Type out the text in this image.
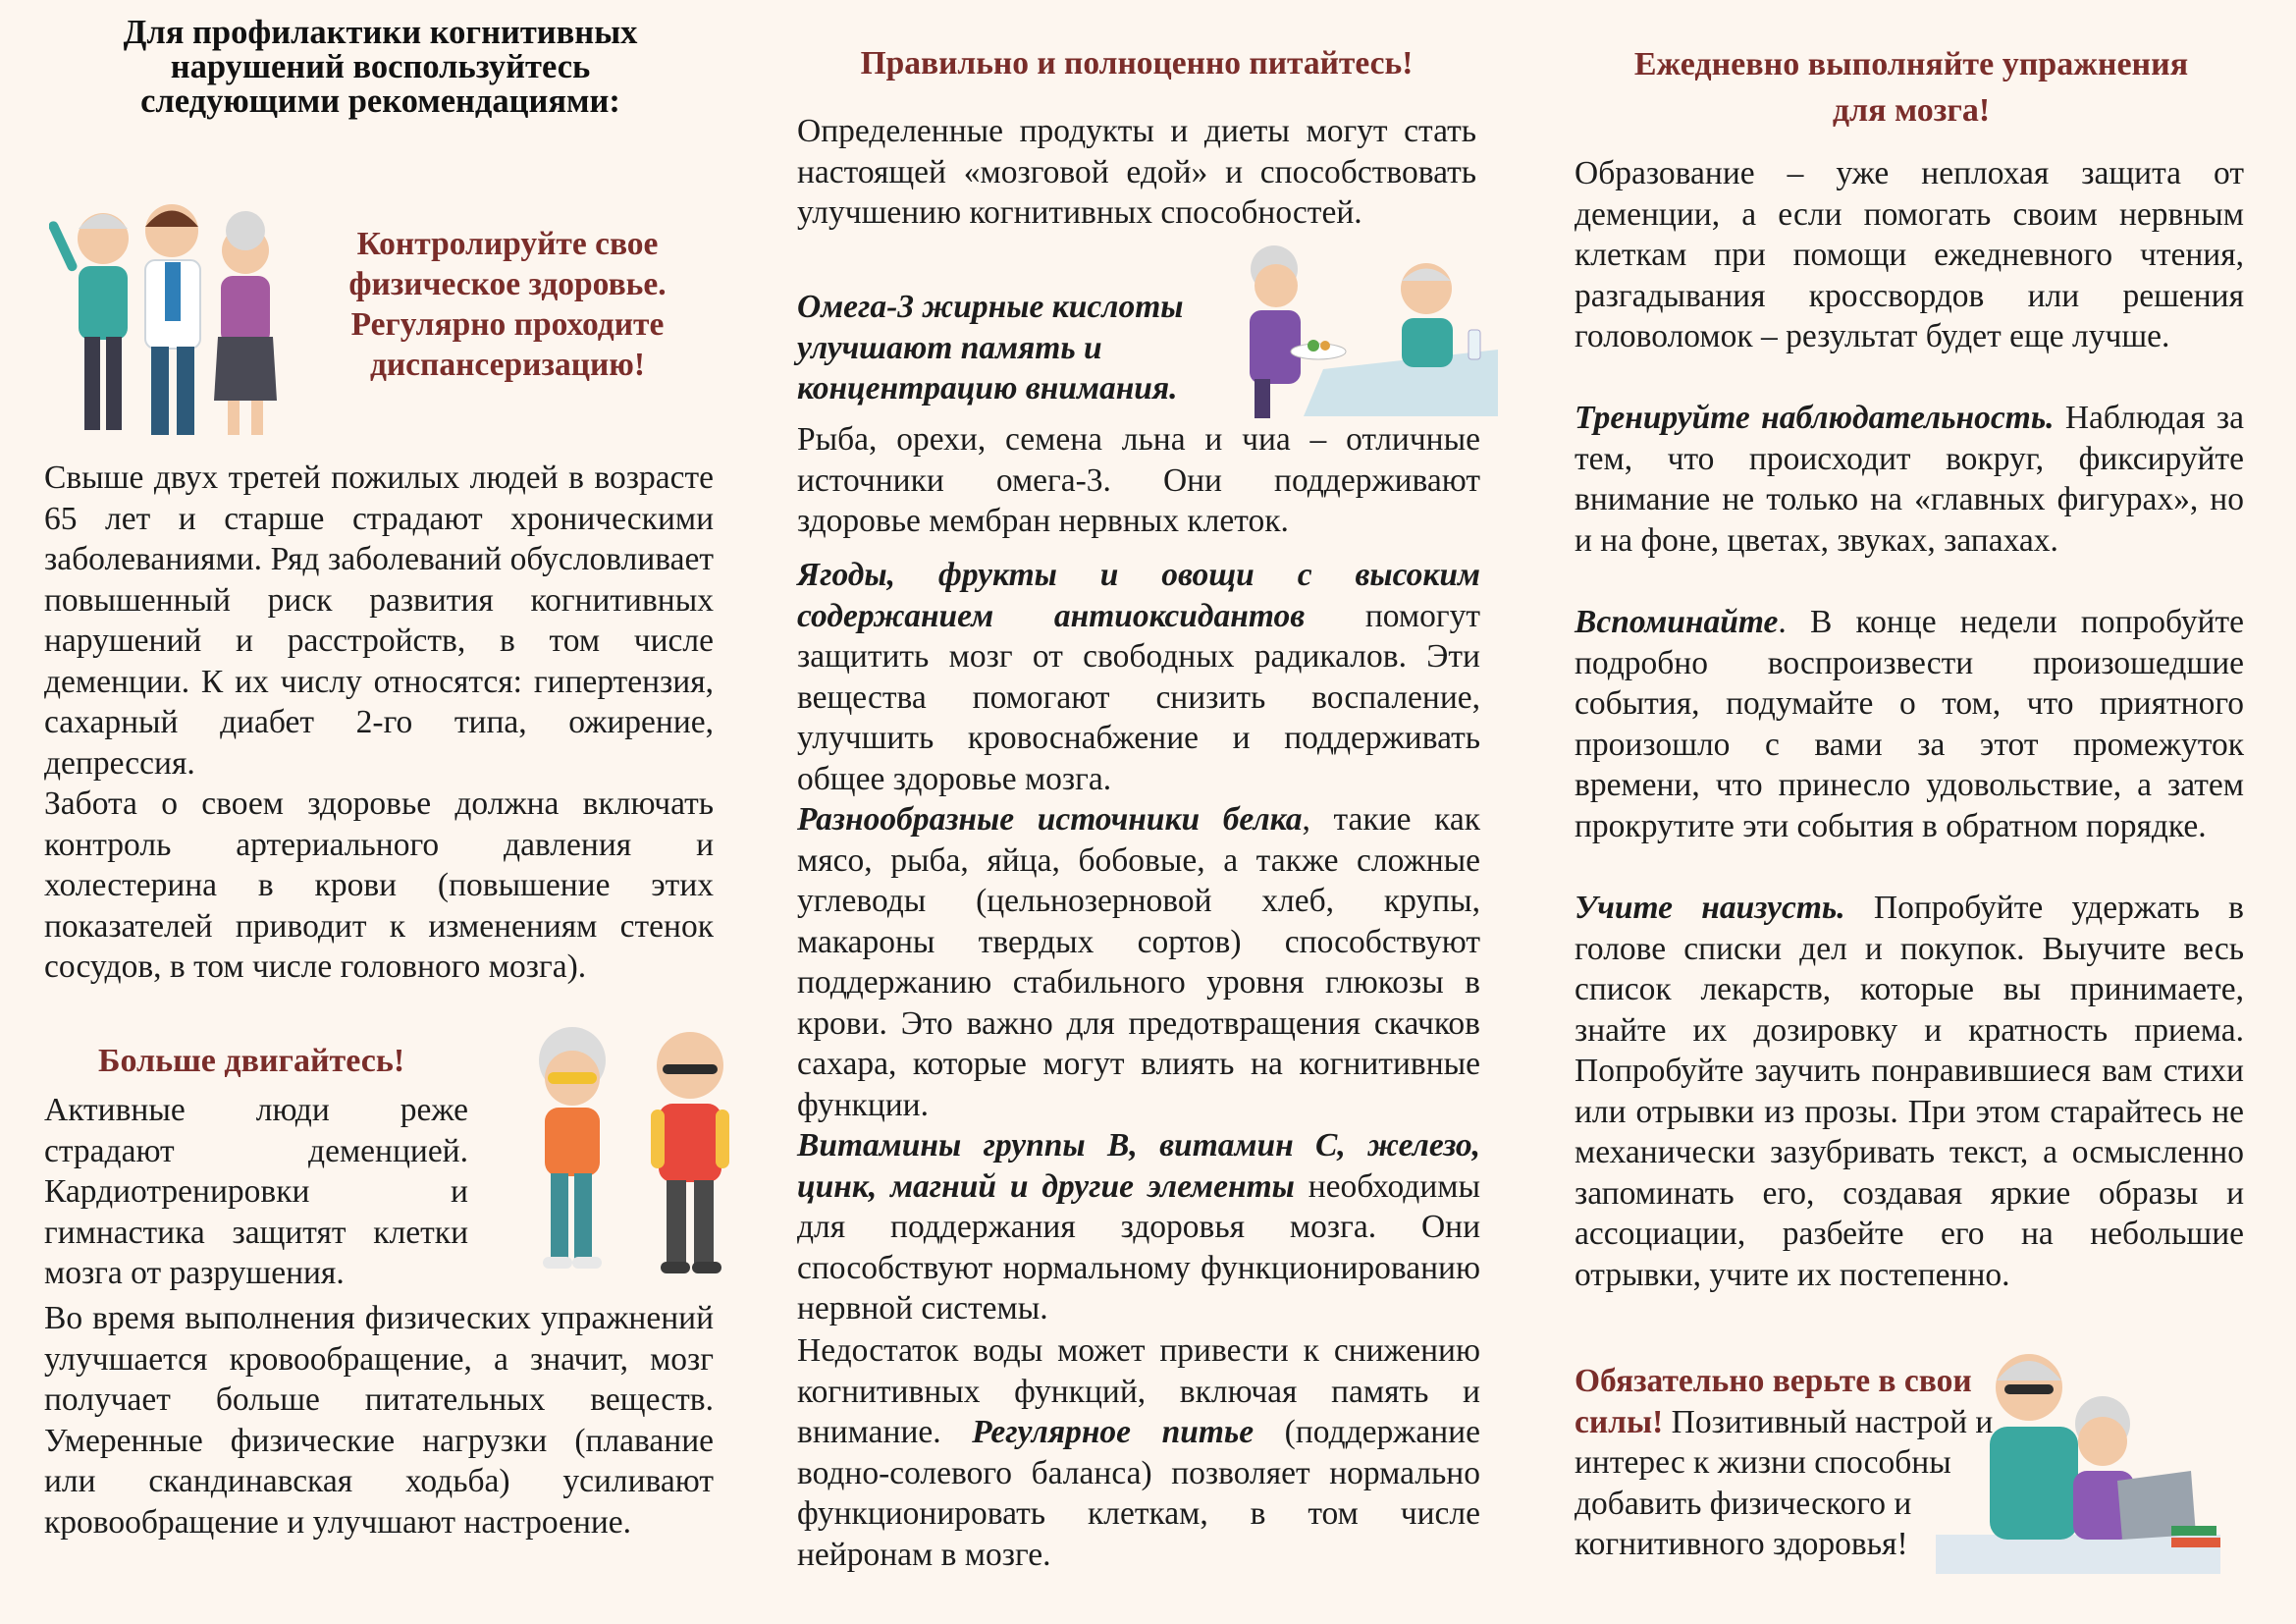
Для профилактики когнитивных нарушений воспользуйтесь следующими рекомендациями:

Контролируйте свое физическое здоровье. Регулярно проходите диспансеризацию!

Свыше двух третей пожилых людей в возрасте 65 лет и старше страдают хроническими заболеваниями. Ряд заболеваний обусловливает повышенный риск развития когнитивных нарушений и расстройств, в том числе деменции. К их числу относятся: гипертензия, сахарный диабет 2-го типа, ожирение, депрессия.

Забота о своем здоровье должна включать контроль артериального давления и холестерина в крови (повышение этих показателей приводит к изменениям стенок сосудов, в том числе головного мозга).

Больше двигайтесь!

Активные люди реже страдают деменцией. Кардиотренировки и гимнастика защитят клетки мозга от разрушения.

Во время выполнения физических упражнений улучшается кровообращение, а значит, мозг получает больше питательных веществ. Умеренные физические нагрузки (плавание или скандинавская ходьба) усиливают кровообращение и улучшают настроение.

Правильно и полноценно питайтесь!

Определенные продукты и диеты могут стать настоящей «мозговой едой» и способствовать улучшению когнитивных способностей.

Омега-3 жирные кислоты улучшают память и концентрацию внимания.

Рыба, орехи, семена льна и чиа – отличные источники омега-3. Они поддерживают здоровье мембран нервных клеток.

Ягоды, фрукты и овощи с высоким содержанием антиоксидантов помогут защитить мозг от свободных радикалов. Эти вещества помогают снизить воспаление, улучшить кровоснабжение и поддерживать общее здоровье мозга.

Разнообразные источники белка, такие как мясо, рыба, яйца, бобовые, а также сложные углеводы (цельнозерновой хлеб, крупы, макароны твердых сортов) способствуют поддержанию стабильного уровня глюкозы в крови. Это важно для предотвращения скачков сахара, которые могут влиять на когнитивные функции.

Витамины группы В, витамин С, железо, цинк, магний и другие элементы необходимы для поддержания здоровья мозга. Они способствуют нормальному функционированию нервной системы.

Недостаток воды может привести к снижению когнитивных функций, включая память и внимание. Регулярное питье (поддержание водно-солевого баланса) позволяет нормально функционировать клеткам, в том числе нейронам в мозге.

Ежедневно выполняйте упражнения для мозга!

Образование – уже неплохая защита от деменции, а если помогать своим нервным клеткам при помощи ежедневного чтения, разгадывания кроссвордов или решения головоломок – результат будет еще лучше.

Тренируйте наблюдательность. Наблюдая за тем, что происходит вокруг, фиксируйте внимание не только на «главных фигурах», но и на фоне, цветах, звуках, запахах.

Вспоминайте. В конце недели попробуйте подробно воспроизвести произошедшие события, подумайте о том, что приятного произошло с вами за этот промежуток времени, что принесло удовольствие, а затем прокрутите эти события в обратном порядке.

Учите наизусть. Попробуйте удержать в голове списки дел и покупок. Выучите весь список лекарств, которые вы принимаете, знайте их дозировку и кратность приема. Попробуйте заучить понравившиеся вам стихи или отрывки из прозы. При этом старайтесь не механически зазубривать текст, а осмысленно запоминать его, создавая яркие образы и ассоциации, разбейте его на небольшие отрывки, учите их постепенно.

Обязательно верьте в свои силы! Позитивный настрой и интерес к жизни способны добавить физического и когнитивного здоровья!
